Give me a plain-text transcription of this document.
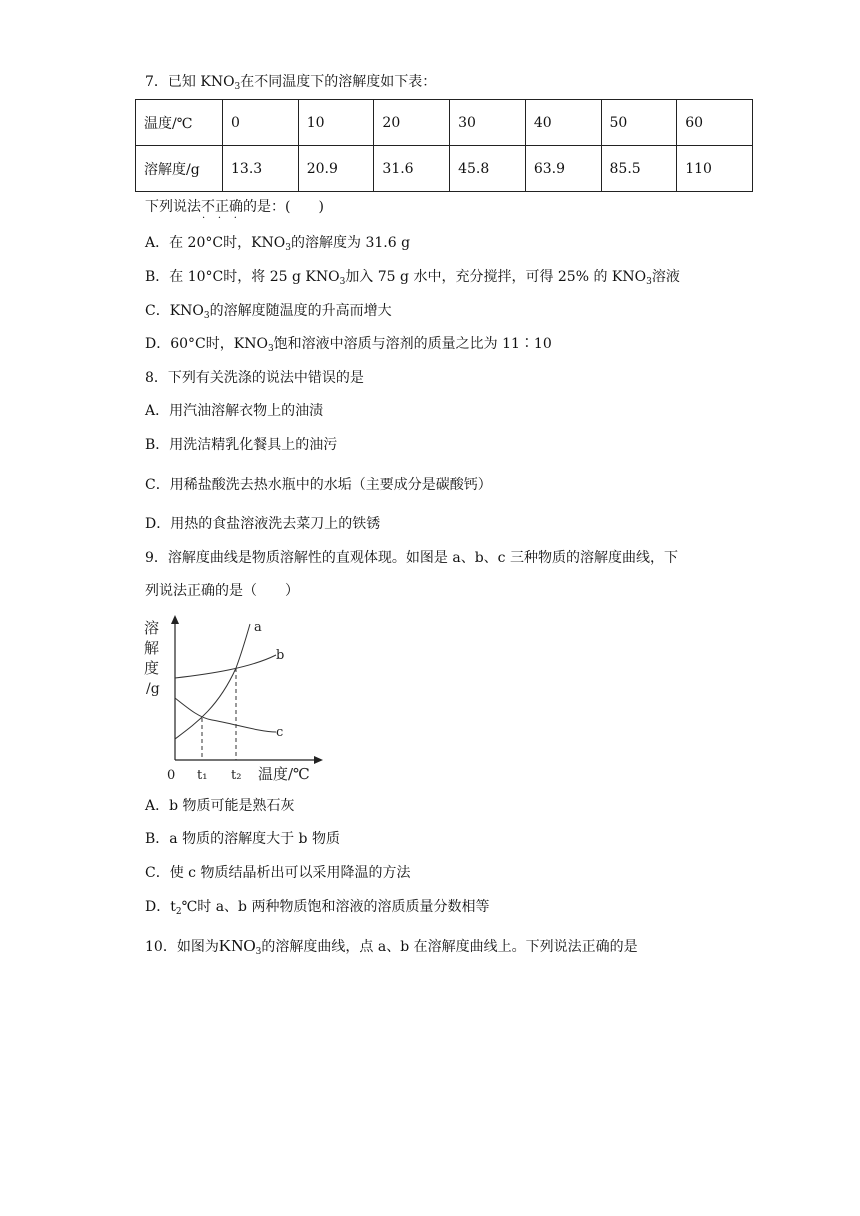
7．已知 $KNO_3$在不同温度下的溶解度如下表：
温度/℃	0	10	20	30	40	50	60
溶解度/g	13.3	20.9	31.6	45.8	63.9	85.5	110
下列说法不正确的是：(　　)
·    ·    ·
A．在 20°C时，$KNO_3$的溶解度为 31.6 g
B．在 10°C时，将 25 g $KNO_3$加入 75 g 水中，充分搅拌，可得 25% 的 $KNO_3$溶液
C．$KNO_3$的溶解度随温度的升高而增大
D．60°C时，$KNO_3$饱和溶液中溶质与溶剂的质量之比为 11∶10
8．下列有关洗涤的说法中错误的是
A．用汽油溶解衣物上的油渍
B．用洗洁精乳化餐具上的油污
C．用稀盐酸洗去热水瓶中的水垢（主要成分是碳酸钙）
D．用热的食盐溶液洗去菜刀上的铁锈
9．溶解度曲线是物质溶解性的直观体现。如图是 a、b、c 三种物质的溶解度曲线，下
列说法正确的是（　　）
溶
解
度
/g
0 t₁ t₂ 温度/℃
a
b
c
A．b 物质可能是熟石灰
B．a 物质的溶解度大于 b 物质
C．使 c 物质结晶析出可以采用降温的方法
D．$t_2℃$时 a、b 两种物质饱和溶液的溶质质量分数相等
10．如图为$KNO_3$的溶解度曲线，点 a、b 在溶解度曲线上。下列说法正确的是
